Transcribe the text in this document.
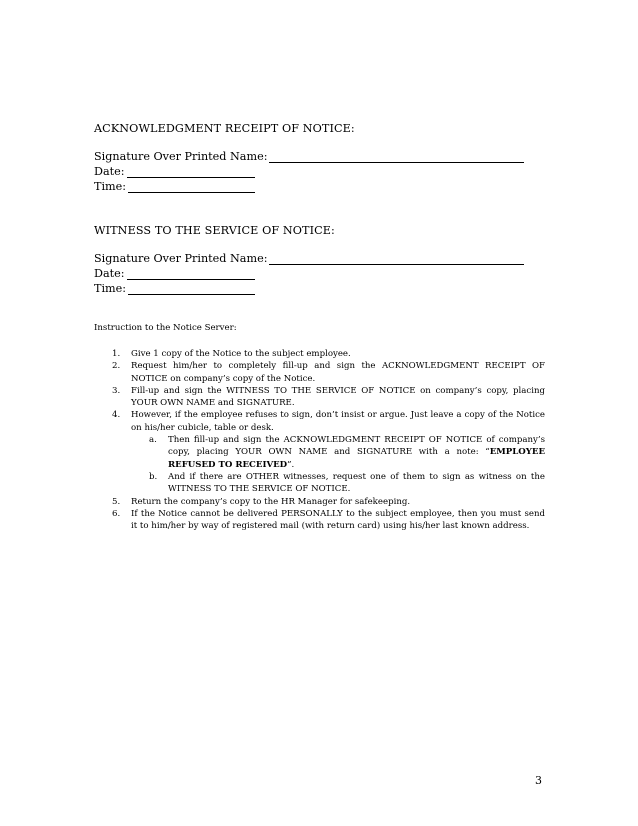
ACKNOWLEDGMENT RECEIPT OF NOTICE:
Signature Over Printed Name:
Date:
Time:
WITNESS TO THE SERVICE OF NOTICE:
Signature Over Printed Name:
Date:
Time:
Instruction to the Notice Server:
1.	Give 1 copy of the Notice to the subject employee.
2.	Request him/her to completely fill-up and sign the ACKNOWLEDGMENT RECEIPT OF NOTICE on company’s copy of the Notice.
3.	Fill-up and sign the WITNESS TO THE SERVICE OF NOTICE on company’s copy, placing YOUR OWN NAME and SIGNATURE.
4.	However, if the employee refuses to sign, don’t insist or argue. Just leave a copy of the Notice on his/her cubicle, table or desk.
a.	Then fill-up and sign the ACKNOWLEDGMENT RECEIPT OF NOTICE of company’s copy, placing YOUR OWN NAME and SIGNATURE with a note: “EMPLOYEE REFUSED TO RECEIVED”.
b.	And if there are OTHER witnesses, request one of them to sign as witness on the WITNESS TO THE SERVICE OF NOTICE.
5.	Return the company’s copy to the HR Manager for safekeeping.
6.	If the Notice cannot be delivered PERSONALLY to the subject employee, then you must send it to him/her by way of registered mail (with return card) using his/her last known address.
3
